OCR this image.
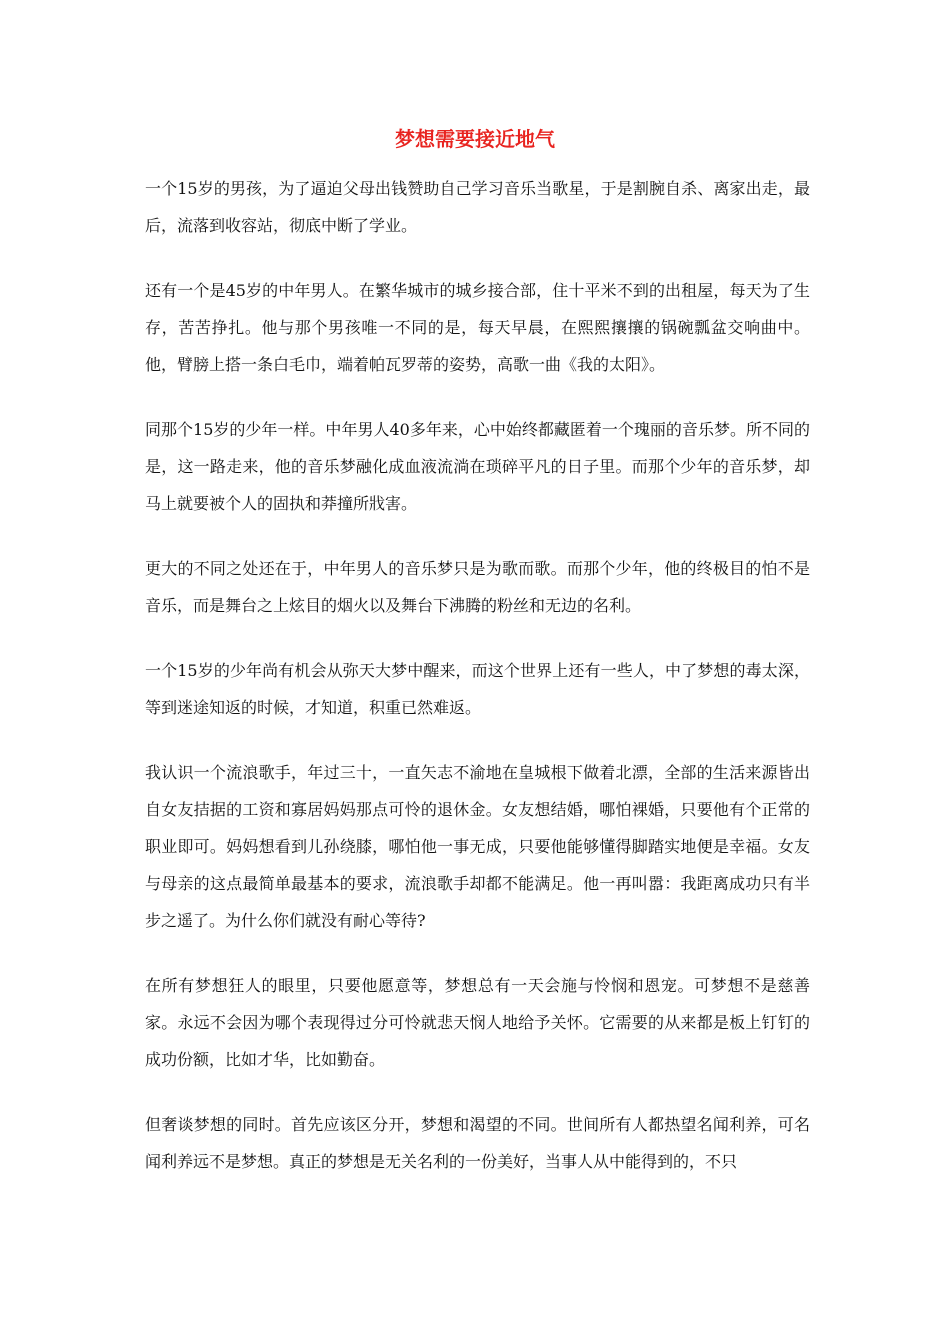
梦想需要接近地气

一个15岁的男孩，为了逼迫父母出钱赞助自己学习音乐当歌星，于是割腕自杀、离家出走，最后，流落到收容站，彻底中断了学业。

还有一个是45岁的中年男人。在繁华城市的城乡接合部，住十平米不到的出租屋，每天为了生存，苦苦挣扎。他与那个男孩唯一不同的是，每天早晨，在熙熙攘攘的锅碗瓢盆交响曲中。他，臂膀上搭一条白毛巾，端着帕瓦罗蒂的姿势，高歌一曲《我的太阳》。

同那个15岁的少年一样。中年男人40多年来，心中始终都藏匿着一个瑰丽的音乐梦。所不同的是，这一路走来，他的音乐梦融化成血液流淌在琐碎平凡的日子里。而那个少年的音乐梦，却马上就要被个人的固执和莽撞所戕害。

更大的不同之处还在于，中年男人的音乐梦只是为歌而歌。而那个少年，他的终极目的怕不是音乐，而是舞台之上炫目的烟火以及舞台下沸腾的粉丝和无边的名利。

一个15岁的少年尚有机会从弥天大梦中醒来，而这个世界上还有一些人，中了梦想的毒太深，等到迷途知返的时候，才知道，积重已然难返。

我认识一个流浪歌手，年过三十，一直矢志不渝地在皇城根下做着北漂，全部的生活来源皆出自女友拮据的工资和寡居妈妈那点可怜的退休金。女友想结婚，哪怕裸婚，只要他有个正常的职业即可。妈妈想看到儿孙绕膝，哪怕他一事无成，只要他能够懂得脚踏实地便是幸福。女友与母亲的这点最简单最基本的要求，流浪歌手却都不能满足。他一再叫嚣：我距离成功只有半步之遥了。为什么你们就没有耐心等待?

在所有梦想狂人的眼里，只要他愿意等，梦想总有一天会施与怜悯和恩宠。可梦想不是慈善家。永远不会因为哪个表现得过分可怜就悲天悯人地给予关怀。它需要的从来都是板上钉钉的成功份额，比如才华，比如勤奋。

但奢谈梦想的同时。首先应该区分开，梦想和渴望的不同。世间所有人都热望名闻利养，可名闻利养远不是梦想。真正的梦想是无关名利的一份美好，当事人从中能得到的，不只
